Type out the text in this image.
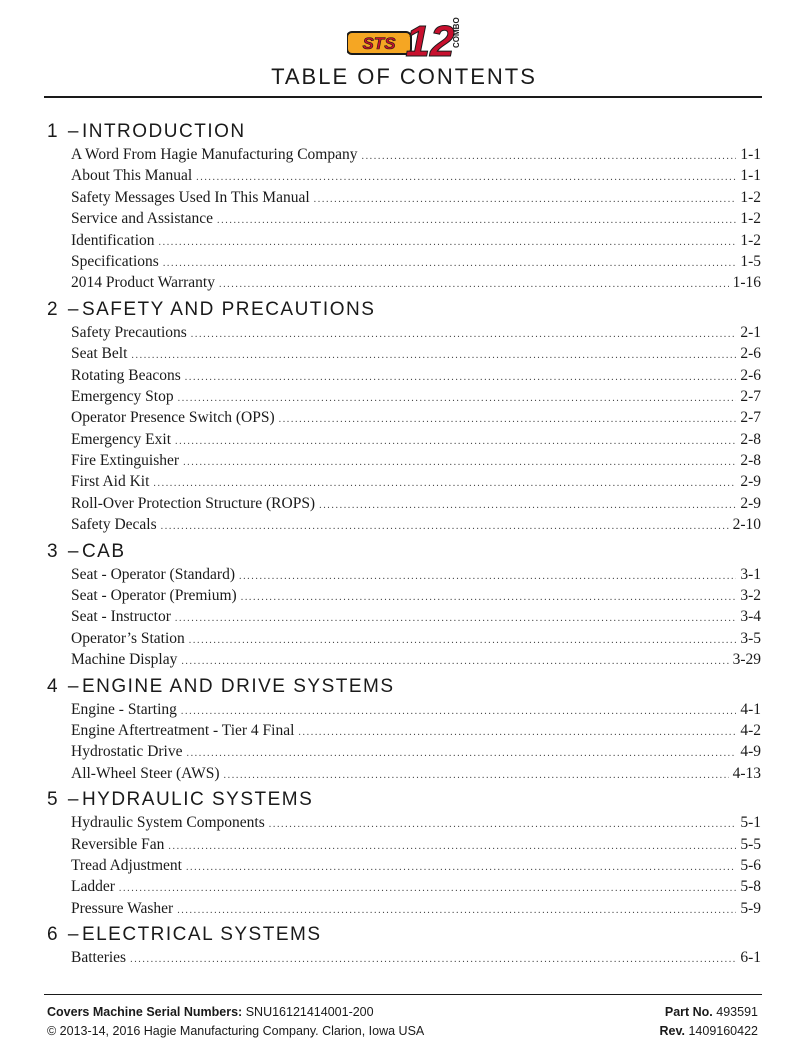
STS 12
COMBO
TABLE OF CONTENTS
1 – INTRODUCTION
A Word From Hagie Manufacturing Company .....	1-1
About This Manual .....	1-1
Safety Messages Used In This Manual .....	1-2
Service and Assistance .....	1-2
Identification .....	1-2
Specifications .....	1-5
2014 Product Warranty .....	1-16
2 – SAFETY AND PRECAUTIONS
Safety Precautions .....	2-1
Seat Belt .....	2-6
Rotating Beacons .....	2-6
Emergency Stop .....	2-7
Operator Presence Switch (OPS) .....	2-7
Emergency Exit .....	2-8
Fire Extinguisher .....	2-8
First Aid Kit .....	2-9
Roll-Over Protection Structure (ROPS) .....	2-9
Safety Decals .....	2-10
3 – CAB
Seat - Operator (Standard) .....	3-1
Seat - Operator (Premium) .....	3-2
Seat - Instructor .....	3-4
Operator’s Station .....	3-5
Machine Display .....	3-29
4 – ENGINE AND DRIVE SYSTEMS
Engine - Starting .....	4-1
Engine Aftertreatment - Tier 4 Final .....	4-2
Hydrostatic Drive .....	4-9
All-Wheel Steer (AWS) .....	4-13
5 – HYDRAULIC SYSTEMS
Hydraulic System Components .....	5-1
Reversible Fan .....	5-5
Tread Adjustment .....	5-6
Ladder .....	5-8
Pressure Washer .....	5-9
6 – ELECTRICAL SYSTEMS
Batteries .....	6-1
Covers Machine Serial Numbers: SNU16121414001-200	Part No. 493591
© 2013-14, 2016 Hagie Manufacturing Company. Clarion, Iowa USA	Rev. 1409160422
